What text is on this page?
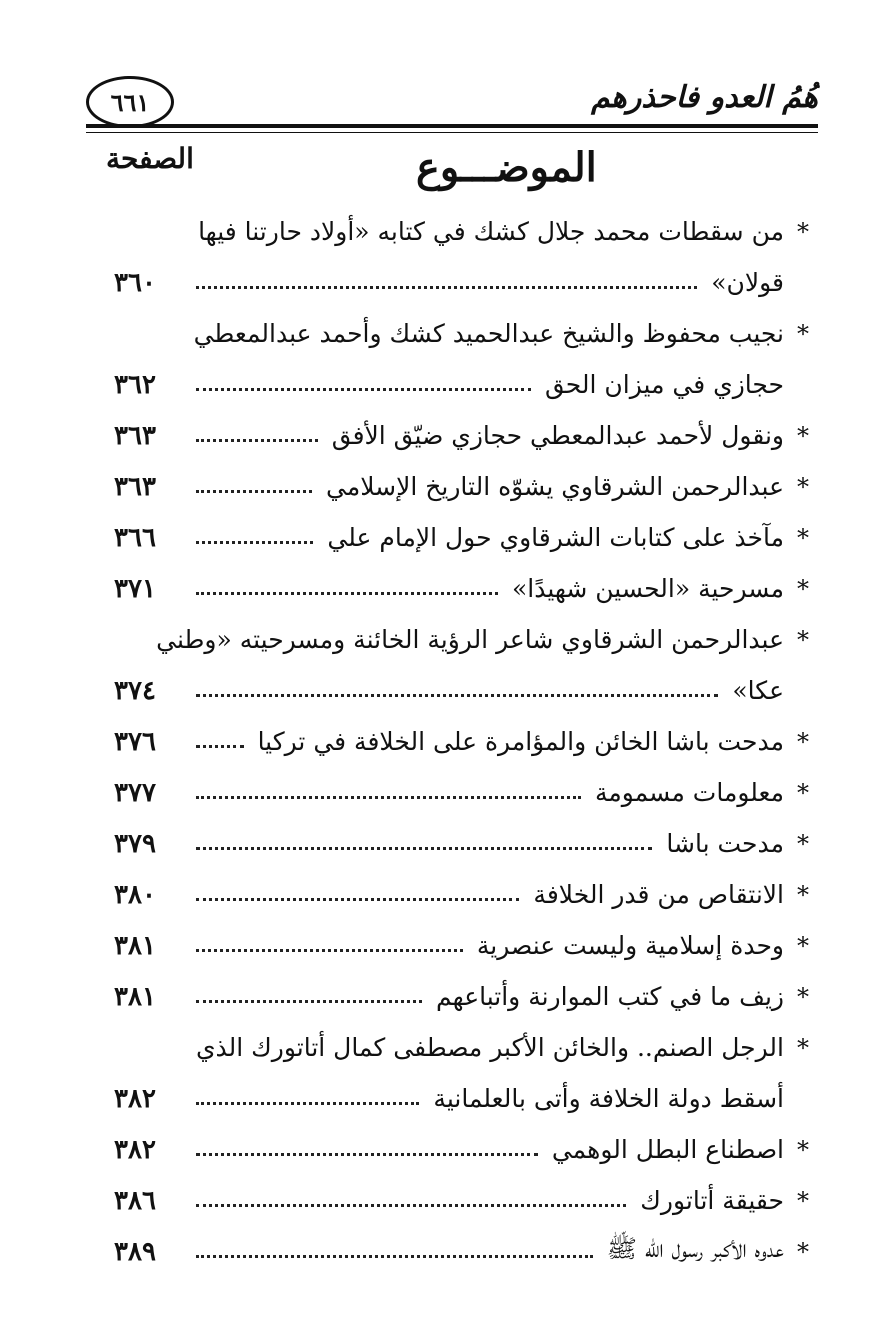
٦٦١	هُمُ العدو فاحذرهم
الصفحة	الموضـــوع
*
من سقطات محمد جلال كشك في كتابه «أولاد حارتنا فيها
قولان»
٣٦٠
*
نجيب محفوظ والشيخ عبدالحميد كشك وأحمد عبدالمعطي
حجازي في ميزان الحق
٣٦٢
*
ونقول لأحمد عبدالمعطي حجازي ضيّق الأفق
٣٦٣
*
عبدالرحمن الشرقاوي يشوّه التاريخ الإسلامي
٣٦٣
*
مآخذ على كتابات الشرقاوي حول الإمام علي
٣٦٦
*
مسرحية «الحسين شهيدًا»
٣٧١
*
عبدالرحمن الشرقاوي شاعر الرؤية الخائنة ومسرحيته «وطني
عكا»
٣٧٤
*
مدحت باشا الخائن والمؤامرة على الخلافة في تركيا
٣٧٦
*
معلومات مسمومة
٣٧٧
*
مدحت باشا
٣٧٩
*
الانتقاص من قدر الخلافة
٣٨٠
*
وحدة إسلامية وليست عنصرية
٣٨١
*
زيف ما في كتب الموارنة وأتباعهم
٣٨١
*
الرجل الصنم.. والخائن الأكبر مصطفى كمال أتاتورك الذي
أسقط دولة الخلافة وأتى بالعلمانية
٣٨٢
*
اصطناع البطل الوهمي
٣٨٢
*
حقيقة أتاتورك
٣٨٦
*
عدوه الأكبر رسول الله ﷺ
٣٨٩
